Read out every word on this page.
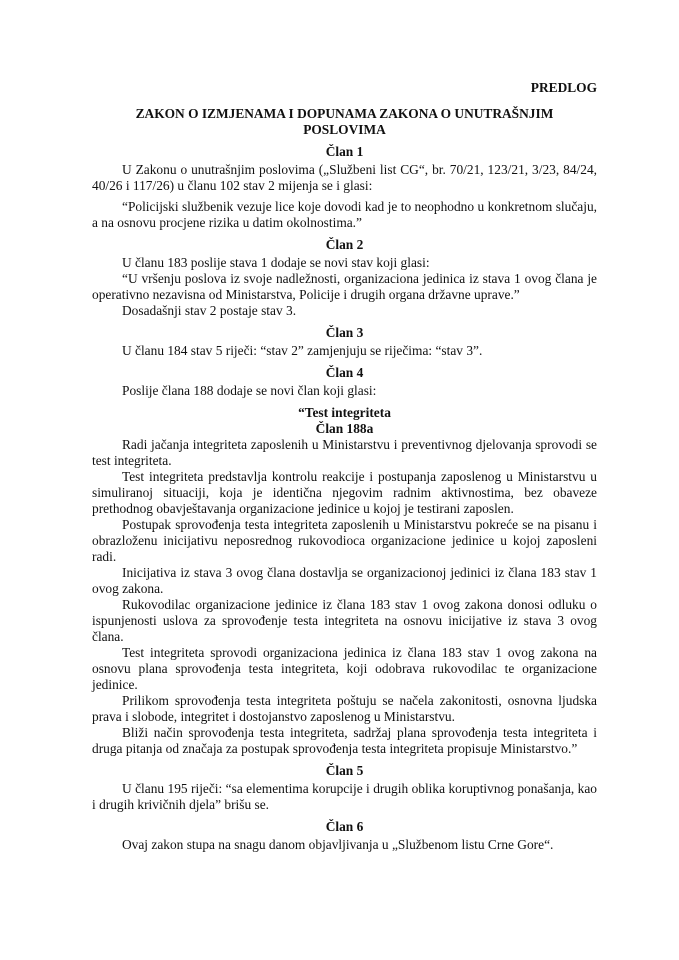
PREDLOG
ZAKON O IZMJENAMA I DOPUNAMA ZAKONA O UNUTRAŠNJIM POSLOVIMA
Član 1

U Zakonu o unutrašnjim poslovima („Službeni list CG“, br. 70/21, 123/21, 3/23, 84/24, 40/26 i 117/26) u članu 102 stav 2 mijenja se i glasi:

“Policijski službenik vezuje lice koje dovodi kad je to neophodno u konkretnom slučaju, a na osnovu procjene rizika u datim okolnostima.”

Član 2

U članu 183 poslije stava 1 dodaje se novi stav koji glasi:

“U vršenju poslova iz svoje nadležnosti, organizaciona jedinica iz stava 1 ovog člana je operativno nezavisna od Ministarstva, Policije i drugih organa državne uprave.”

Dosadašnji stav 2 postaje stav 3.

Član 3

U članu 184 stav 5 riječi: “stav 2” zamjenjuju se riječima: “stav 3”.

Član 4

Poslije člana 188 dodaje se novi član koji glasi:

“Test integriteta
Član 188a

Radi jačanja integriteta zaposlenih u Ministarstvu i preventivnog djelovanja sprovodi se test integriteta.

Test integriteta predstavlja kontrolu reakcije i postupanja zaposlenog u Ministarstvu u simuliranoj situaciji, koja je identična njegovim radnim aktivnostima, bez obaveze prethodnog obavještavanja organizacione jedinice u kojoj je testirani zaposlen.

Postupak sprovođenja testa integriteta zaposlenih u Ministarstvu pokreće se na pisanu i obrazloženu inicijativu neposrednog rukovodioca organizacione jedinice u kojoj zaposleni radi.

Inicijativa iz stava 3 ovog člana dostavlja se organizacionoj jedinici iz člana 183 stav 1 ovog zakona.

Rukovodilac organizacione jedinice iz člana 183 stav 1 ovog zakona donosi odluku o ispunjenosti uslova za sprovođenje testa integriteta na osnovu inicijative iz stava 3 ovog člana.

Test integriteta sprovodi organizaciona jedinica iz člana 183 stav 1 ovog zakona na osnovu plana sprovođenja testa integriteta, koji odobrava rukovodilac te organizacione jedinice.

Prilikom sprovođenja testa integriteta poštuju se načela zakonitosti, osnovna ljudska prava i slobode, integritet i dostojanstvo zaposlenog u Ministarstvu.

Bliži način sprovođenja testa integriteta, sadržaj plana sprovođenja testa integriteta i druga pitanja od značaja za postupak sprovođenja testa integriteta propisuje Ministarstvo.”

Član 5

U članu 195 riječi: “sa elementima korupcije i drugih oblika koruptivnog ponašanja, kao i drugih krivičnih djela” brišu se.

Član 6

Ovaj zakon stupa na snagu danom objavljivanja u „Službenom listu Crne Gore“.
